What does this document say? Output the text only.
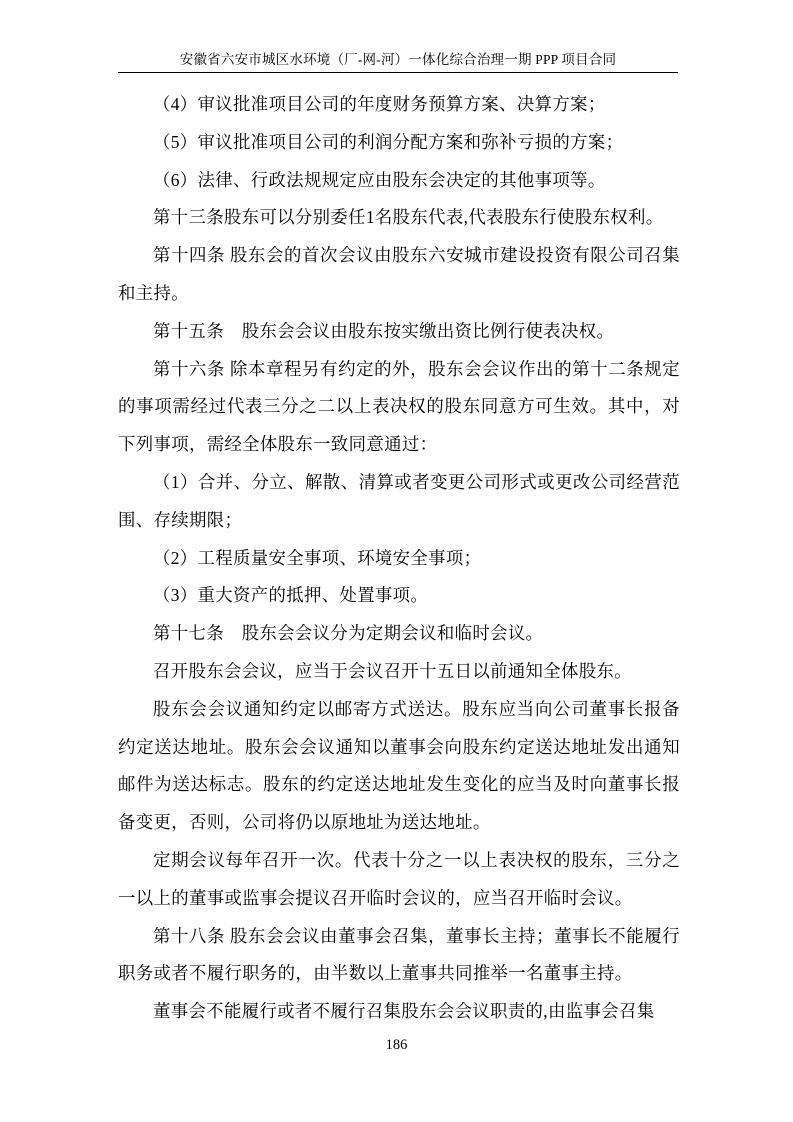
安徽省六安市城区水环境（厂-网-河）一体化综合治理一期 PPP 项目合同

（4）审议批准项目公司的年度财务预算方案、决算方案；

（5）审议批准项目公司的利润分配方案和弥补亏损的方案；

（6）法律、行政法规规定应由股东会决定的其他事项等。

第十三条股东可以分别委任1名股东代表,代表股东行使股东权利。

第十四条 股东会的首次会议由股东六安城市建设投资有限公司召集和主持。

第十五条　股东会会议由股东按实缴出资比例行使表决权。

第十六条 除本章程另有约定的外，股东会会议作出的第十二条规定的事项需经过代表三分之二以上表决权的股东同意方可生效。其中，对下列事项，需经全体股东一致同意通过：

（1）合并、分立、解散、清算或者变更公司形式或更改公司经营范围、存续期限；

（2）工程质量安全事项、环境安全事项；

（3）重大资产的抵押、处置事项。

第十七条　股东会会议分为定期会议和临时会议。

召开股东会会议，应当于会议召开十五日以前通知全体股东。

股东会会议通知约定以邮寄方式送达。股东应当向公司董事长报备约定送达地址。股东会会议通知以董事会向股东约定送达地址发出通知邮件为送达标志。股东的约定送达地址发生变化的应当及时向董事长报备变更，否则，公司将仍以原地址为送达地址。

定期会议每年召开一次。代表十分之一以上表决权的股东，三分之一以上的董事或监事会提议召开临时会议的，应当召开临时会议。

第十八条 股东会会议由董事会召集，董事长主持；董事长不能履行职务或者不履行职务的，由半数以上董事共同推举一名董事主持。

董事会不能履行或者不履行召集股东会会议职责的,由监事会召集

186
